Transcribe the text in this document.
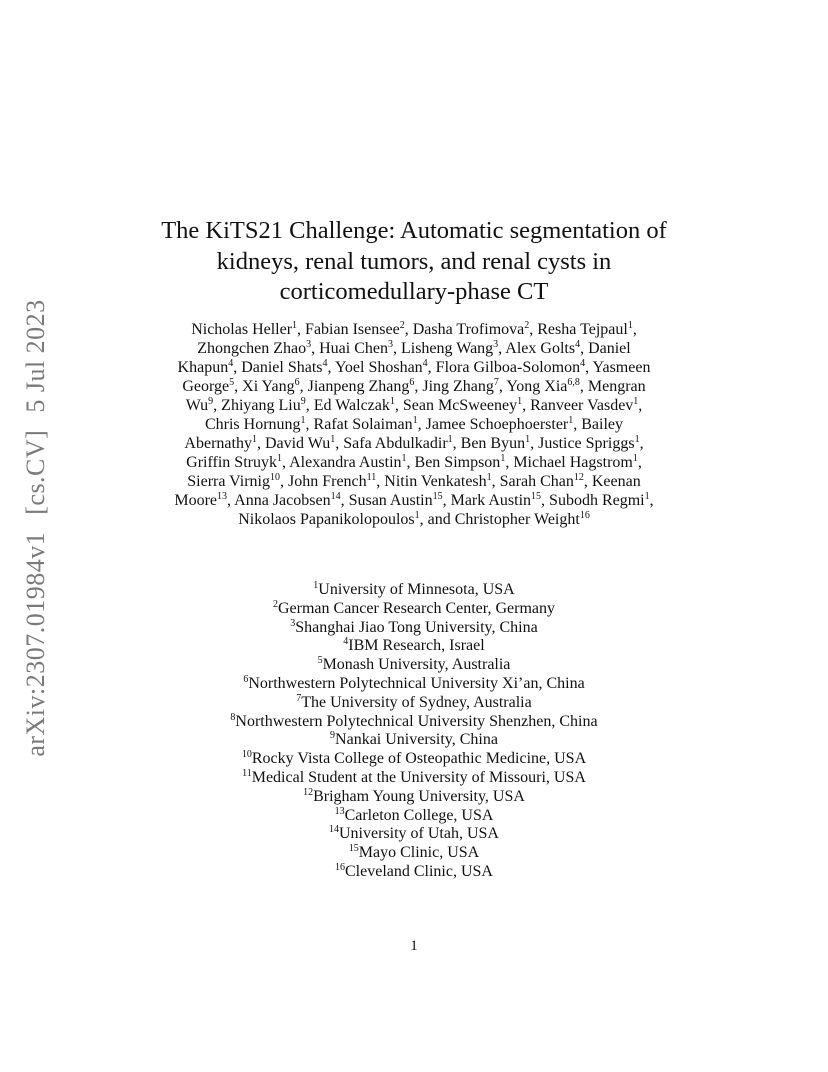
arXiv:2307.01984v1 [cs.CV] 5 Jul 2023
The KiTS21 Challenge: Automatic segmentation of kidneys, renal tumors, and renal cysts in corticomedullary-phase CT
Nicholas Heller$^1$, Fabian Isensee$^2$, Dasha Trofimova$^2$, Resha Tejpaul$^1$, Zhongchen Zhao$^3$, Huai Chen$^3$, Lisheng Wang$^3$, Alex Golts$^4$, Daniel Khapun$^4$, Daniel Shats$^4$, Yoel Shoshan$^4$, Flora Gilboa-Solomon$^4$, Yasmeen George$^5$, Xi Yang$^6$, Jianpeng Zhang$^6$, Jing Zhang$^7$, Yong Xia$^{6,8}$, Mengran Wu$^9$, Zhiyang Liu$^9$, Ed Walczak$^1$, Sean McSweeney$^1$, Ranveer Vasdev$^1$, Chris Hornung$^1$, Rafat Solaiman$^1$, Jamee Schoephoerster$^1$, Bailey Abernathy$^1$, David Wu$^1$, Safa Abdulkadir$^1$, Ben Byun$^1$, Justice Spriggs$^1$, Griffin Struyk$^1$, Alexandra Austin$^1$, Ben Simpson$^1$, Michael Hagstrom$^1$, Sierra Virnig$^{10}$, John French$^{11}$, Nitin Venkatesh$^1$, Sarah Chan$^{12}$, Keenan Moore$^{13}$, Anna Jacobsen$^{14}$, Susan Austin$^{15}$, Mark Austin$^{15}$, Subodh Regmi$^1$, Nikolaos Papanikolopoulos$^1$, and Christopher Weight$^{16}$
$^1$University of Minnesota, USA
$^2$German Cancer Research Center, Germany
$^3$Shanghai Jiao Tong University, China
$^4$IBM Research, Israel
$^5$Monash University, Australia
$^6$Northwestern Polytechnical University Xi’an, China
$^7$The University of Sydney, Australia
$^8$Northwestern Polytechnical University Shenzhen, China
$^9$Nankai University, China
$^{10}$Rocky Vista College of Osteopathic Medicine, USA
$^{11}$Medical Student at the University of Missouri, USA
$^{12}$Brigham Young University, USA
$^{13}$Carleton College, USA
$^{14}$University of Utah, USA
$^{15}$Mayo Clinic, USA
$^{16}$Cleveland Clinic, USA
1
